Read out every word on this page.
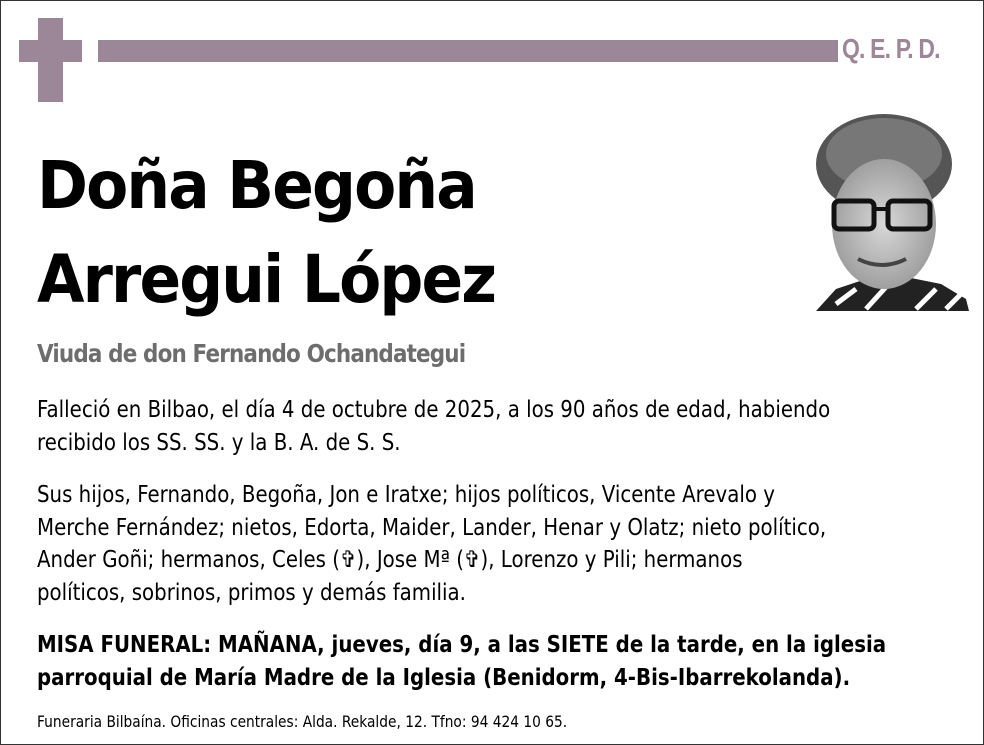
Q. E. P. D.
Doña Begoña
Arregui López
Viuda de don Fernando Ochandategui
Falleció en Bilbao, el día 4 de octubre de 2025, a los 90 años de edad, habiendo
recibido los SS. SS. y la B. A. de S. S.
Sus hijos, Fernando, Begoña, Jon e Iratxe; hijos políticos, Vicente Arevalo y
Merche Fernández; nietos, Edorta, Maider, Lander, Henar y Olatz; nieto político,
Ander Goñi; hermanos, Celes (✞), Jose Mª (✞), Lorenzo y Pili; hermanos
políticos, sobrinos, primos y demás familia.
MISA FUNERAL: MAÑANA, jueves, día 9, a las SIETE de la tarde, en la iglesia
parroquial de María Madre de la Iglesia (Benidorm, 4-Bis-Ibarrekolanda).
Funeraria Bilbaína. Oficinas centrales: Alda. Rekalde, 12. Tfno: 94 424 10 65.
